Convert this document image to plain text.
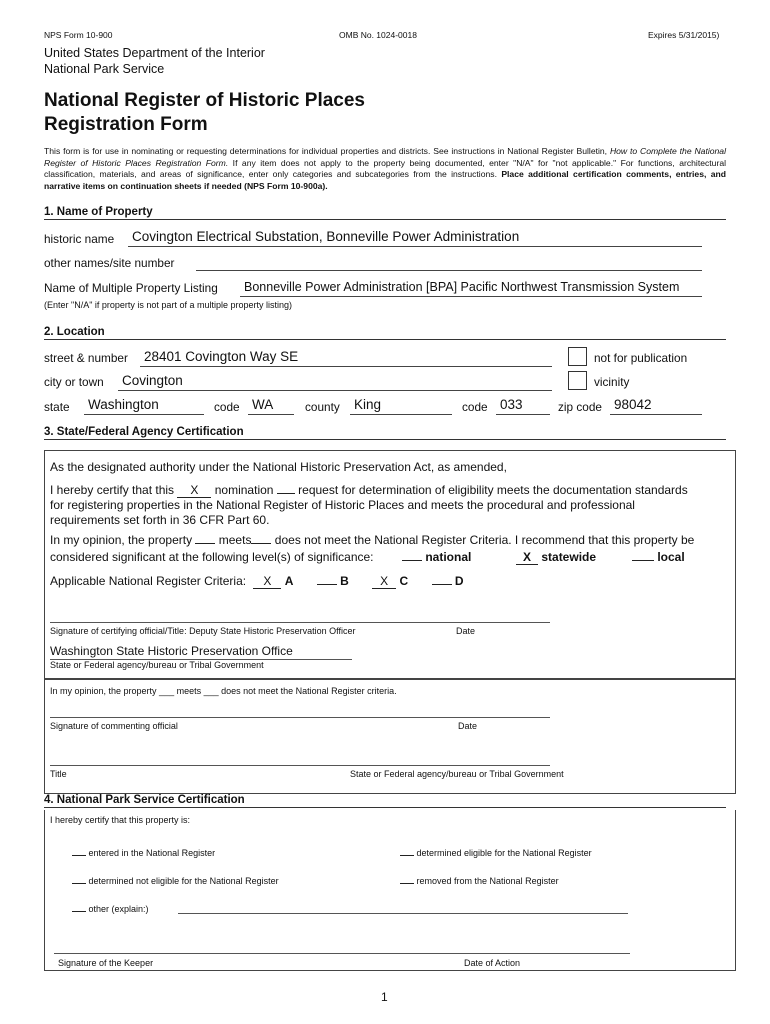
NPS Form 10-900	OMB No. 1024-0018	Expires 5/31/2015)
United States Department of the Interior
National Park Service
National Register of Historic Places
Registration Form
This form is for use in nominating or requesting determinations for individual properties and districts. See instructions in National Register Bulletin, How to Complete the National Register of Historic Places Registration Form. If any item does not apply to the property being documented, enter "N/A" for "not applicable." For functions, architectural classification, materials, and areas of significance, enter only categories and subcategories from the instructions. Place additional certification comments, entries, and narrative items on continuation sheets if needed (NPS Form 10-900a).
1. Name of Property
historic name Covington Electrical Substation, Bonneville Power Administration
other names/site number
Name of Multiple Property Listing	Bonneville Power Administration [BPA] Pacific Northwest Transmission System
(Enter "N/A" if property is not part of a multiple property listing)
2. Location
street & number 28401 Covington Way SE	not for publication
city or town Covington	vicinity
state Washington	code WA	county King	code 033	zip code 98042
3. State/Federal Agency Certification
As the designated authority under the National Historic Preservation Act, as amended,
I hereby certify that this X nomination request for determination of eligibility meets the documentation standards
for registering properties in the National Register of Historic Places and meets the procedural and professional
requirements set forth in 36 CFR Part 60.
In my opinion, the property meets does not meet the National Register Criteria. I recommend that this property be
considered significant at the following level(s) of significance:	national	X statewide	local
Applicable National Register Criteria: X A	B	X C	D
Signature of certifying official/Title: Deputy State Historic Preservation Officer	Date
Washington State Historic Preservation Office
State or Federal agency/bureau or Tribal Government
In my opinion, the property ___ meets ___ does not meet the National Register criteria.
Signature of commenting official	Date
Title	State or Federal agency/bureau or Tribal Government
4. National Park Service Certification
I hereby certify that this property is:
entered in the National Register	determined eligible for the National Register
determined not eligible for the National Register	removed from the National Register
other (explain:)
Signature of the Keeper	Date of Action
1
